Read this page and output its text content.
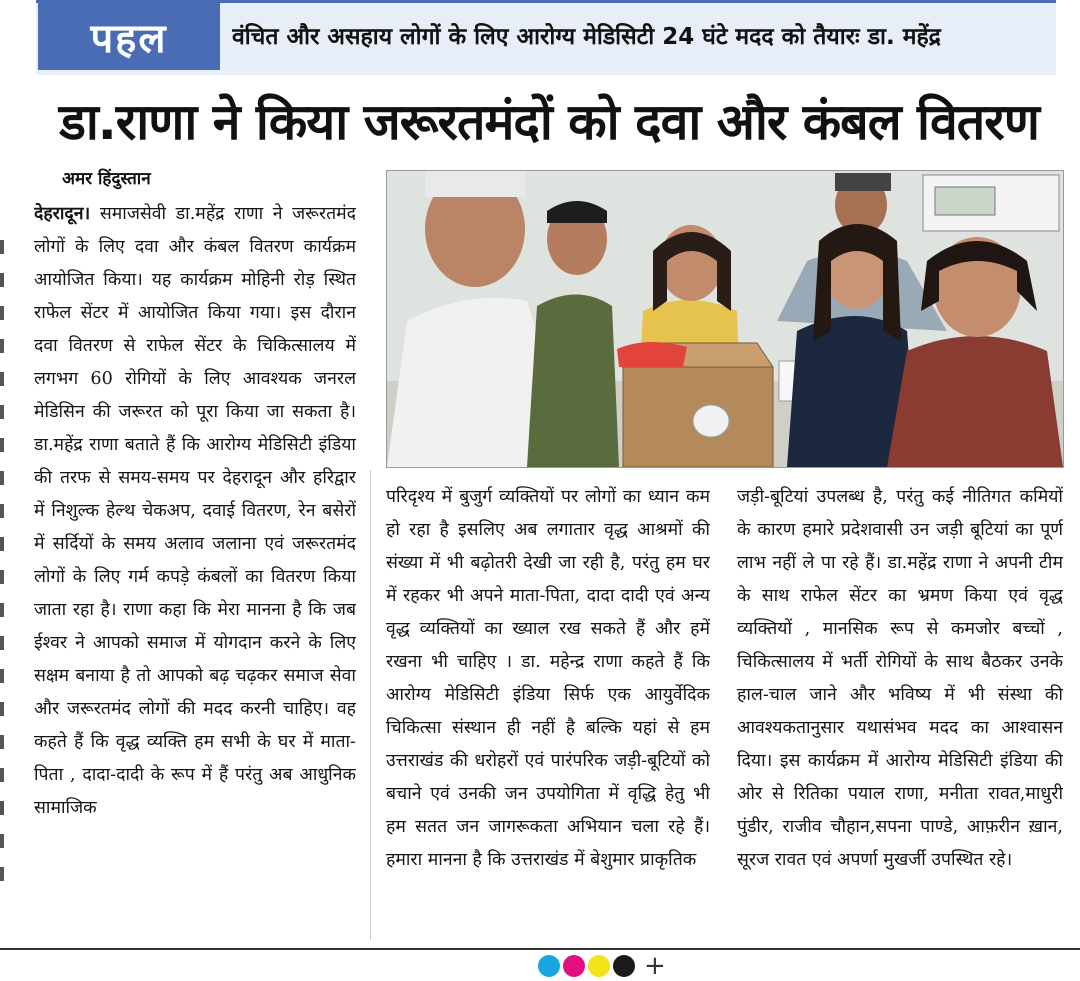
पहल	वंचित और असहाय लोगों के लिए आरोग्य मेडिसिटी 24 घंटे मदद को तैयारः डा. महेंद्र
डा.राणा ने किया जरूरतमंदों को दवा और कंबल वितरण
अमर हिंदुस्तान
देहरादून। समाजसेवी डा.महेंद्र राणा ने जरूरतमंद लोगों के लिए दवा और कंबल वितरण कार्यक्रम आयोजित किया। यह कार्यक्रम मोहिनी रोड़ स्थित राफेल सेंटर में आयोजित किया गया। इस दौरान दवा वितरण से राफेल सेंटर के चिकित्सालय में लगभग 60 रोगियों के लिए आवश्यक जनरल मेडिसिन की जरूरत को पूरा किया जा सकता है। डा.महेंद्र राणा बताते हैं कि आरोग्य मेडिसिटी इंडिया की तरफ से समय-समय पर देहरादून और हरिद्वार में निशुल्क हेल्थ चेकअप, दवाई वितरण, रेन बसेरों में सर्दियों के समय अलाव जलाना एवं जरूरतमंद लोगों के लिए गर्म कपड़े कंबलों का वितरण किया जाता रहा है। राणा कहा कि मेरा मानना है कि जब ईश्वर ने आपको समाज में योगदान करने के लिए सक्षम बनाया है तो आपको बढ़ चढ़कर समाज सेवा और जरूरतमंद लोगों की मदद करनी चाहिए। वह कहते हैं कि वृद्ध व्यक्ति हम सभी के घर में माता-पिता , दादा-दादी के रूप में हैं परंतु अब आधुनिक सामाजिक
परिदृश्य में बुजुर्ग व्यक्तियों पर लोगों का ध्यान कम हो रहा है इसलिए अब लगातार वृद्ध आश्रमों की संख्या में भी बढ़ोतरी देखी जा रही है, परंतु हम घर में रहकर भी अपने माता-पिता, दादा दादी एवं अन्य वृद्ध व्यक्तियों का ख्याल रख सकते हैं और हमें रखना भी चाहिए । डा. महेन्द्र राणा कहते हैं कि आरोग्य मेडिसिटी इंडिया सिर्फ एक आयुर्वेदिक चिकित्सा संस्थान ही नहीं है बल्कि यहां से हम उत्तराखंड की धरोहरों एवं पारंपरिक जड़ी-बूटियों को बचाने एवं उनकी जन उपयोगिता में वृद्धि हेतु भी हम सतत जन जागरूकता अभियान चला रहे हैं। हमारा मानना है कि उत्तराखंड में बेशुमार प्राकृतिक
जड़ी-बूटियां उपलब्ध है, परंतु कई नीतिगत कमियों के कारण हमारे प्रदेशवासी उन जड़ी बूटियां का पूर्ण लाभ नहीं ले पा रहे हैं। डा.महेंद्र राणा ने अपनी टीम के साथ राफेल सेंटर का भ्रमण किया एवं वृद्ध व्यक्तियों , मानसिक रूप से कमजोर बच्चों , चिकित्सालय में भर्ती रोगियों के साथ बैठकर उनके हाल-चाल जाने और भविष्य में भी संस्था की आवश्यकतानुसार यथासंभव मदद का आश्वासन दिया। इस कार्यक्रम में आरोग्य मेडिसिटी इंडिया की ओर से रितिका पयाल राणा, मनीता रावत,माधुरी पुंडीर, राजीव चौहान,सपना पाण्डे, आफ़रीन ख़ान, सूरज रावत एवं अपर्णा मुखर्जी उपस्थित रहे।
+
